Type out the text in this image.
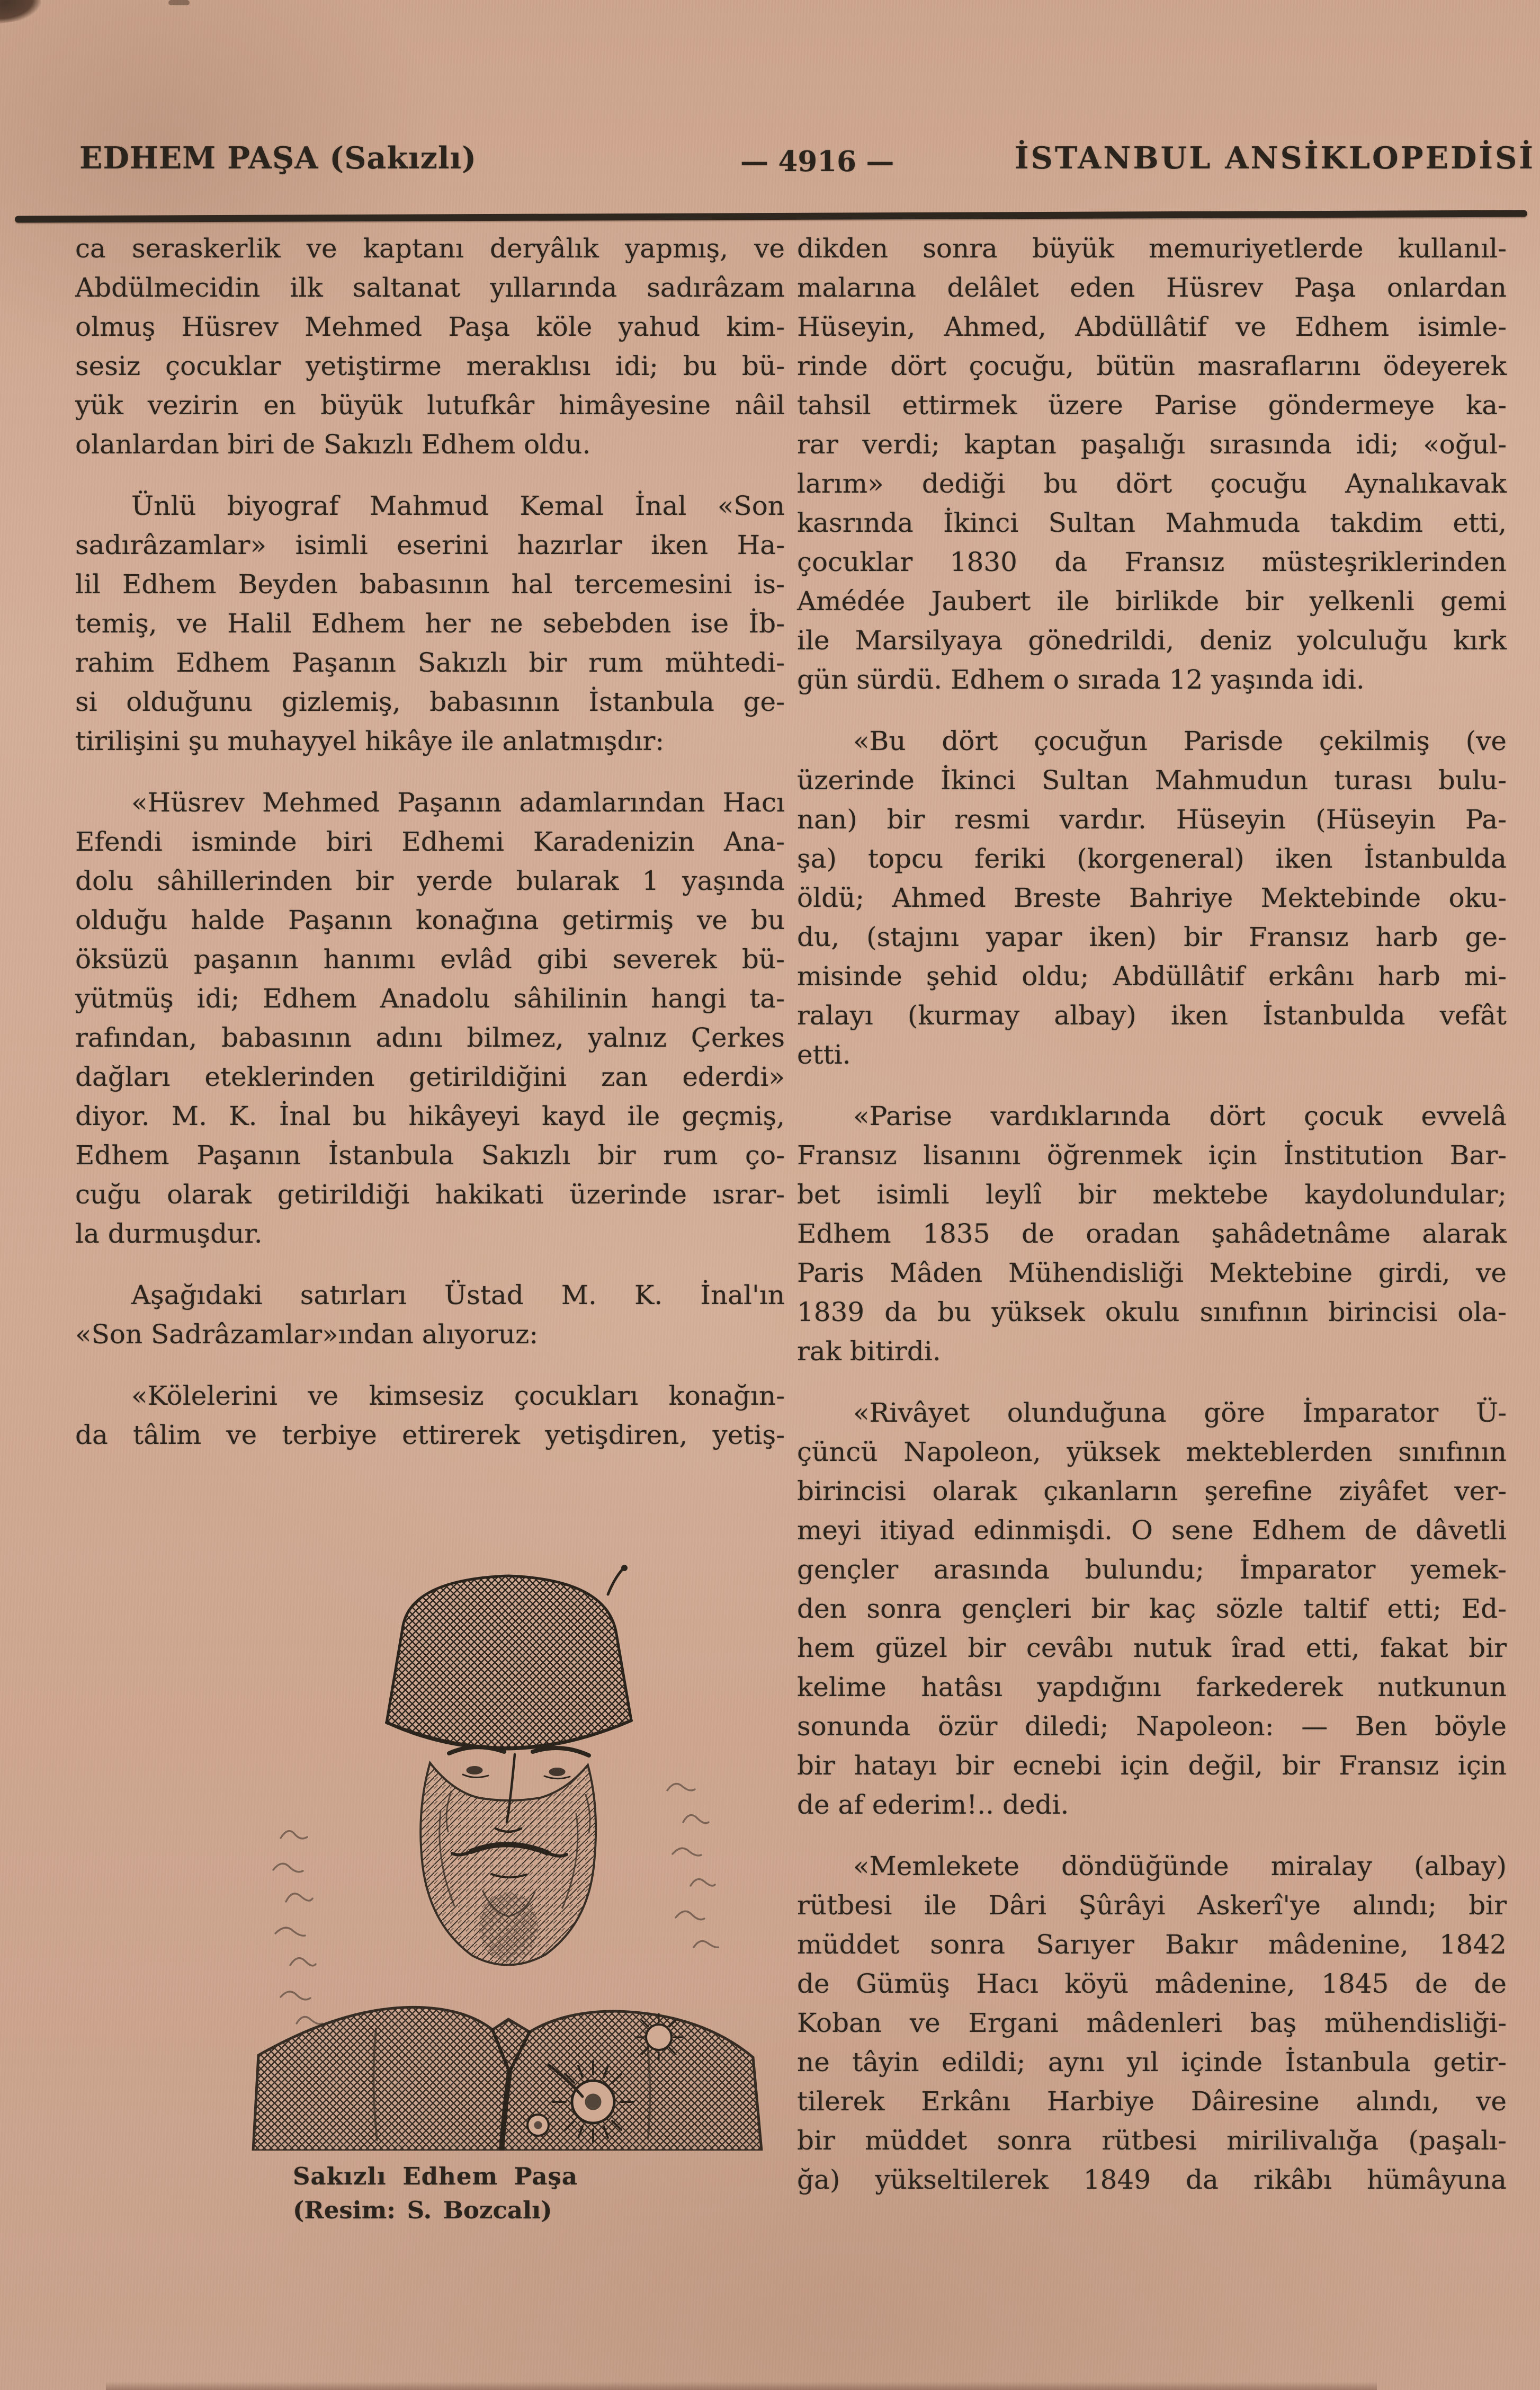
EDHEM PAŞA (Sakızlı)	— 4916 —	İSTANBUL ANSİKLOPEDİSİ
ca seraskerlik ve kaptanı deryâlık yapmış, ve
Abdülmecidin ilk saltanat yıllarında sadırâzam
olmuş Hüsrev Mehmed Paşa köle yahud kim-
sesiz çocuklar yetiştirme meraklısı idi; bu bü-
yük vezirin en büyük lutufkâr himâyesine nâil
olanlardan biri de Sakızlı Edhem oldu.
Ünlü biyograf Mahmud Kemal İnal «Son
sadırâzamlar» isimli eserini hazırlar iken Ha-
lil Edhem Beyden babasının hal tercemesini is-
temiş, ve Halil Edhem her ne sebebden ise İb-
rahim Edhem Paşanın Sakızlı bir rum mühtedi-
si olduğunu gizlemiş, babasının İstanbula ge-
tirilişini şu muhayyel hikâye ile anlatmışdır:
«Hüsrev Mehmed Paşanın adamlarından Hacı
Efendi isminde biri Edhemi Karadenizin Ana-
dolu sâhillerinden bir yerde bularak 1 yaşında
olduğu halde Paşanın konağına getirmiş ve bu
öksüzü paşanın hanımı evlâd gibi severek bü-
yütmüş idi; Edhem Anadolu sâhilinin hangi ta-
rafından, babasının adını bilmez, yalnız Çerkes
dağları eteklerinden getirildiğini zan ederdi»
diyor. M. K. İnal bu hikâyeyi kayd ile geçmiş,
Edhem Paşanın İstanbula Sakızlı bir rum ço-
cuğu olarak getirildiği hakikati üzerinde ısrar-
la durmuşdur.
Aşağıdaki satırları Üstad M. K. İnal'ın
«Son Sadrâzamlar»ından alıyoruz:
«Kölelerini ve kimsesiz çocukları konağın-
da tâlim ve terbiye ettirerek yetişdiren, yetiş-
dikden sonra büyük memuriyetlerde kullanıl-
malarına delâlet eden Hüsrev Paşa onlardan
Hüseyin, Ahmed, Abdüllâtif ve Edhem isimle-
rinde dört çocuğu, bütün masraflarını ödeyerek
tahsil ettirmek üzere Parise göndermeye ka-
rar verdi; kaptan paşalığı sırasında idi; «oğul-
larım» dediği bu dört çocuğu Aynalıkavak
kasrında İkinci Sultan Mahmuda takdim etti,
çocuklar 1830 da Fransız müsteşriklerinden
Amédée Jaubert ile birlikde bir yelkenli gemi
ile Marsilyaya gönedrildi, deniz yolculuğu kırk
gün sürdü. Edhem o sırada 12 yaşında idi.
«Bu dört çocuğun Parisde çekilmiş (ve
üzerinde İkinci Sultan Mahmudun turası bulu-
nan) bir resmi vardır. Hüseyin (Hüseyin Pa-
şa) topcu feriki (korgeneral) iken İstanbulda
öldü; Ahmed Breste Bahriye Mektebinde oku-
du, (stajını yapar iken) bir Fransız harb ge-
misinde şehid oldu; Abdüllâtif erkânı harb mi-
ralayı (kurmay albay) iken İstanbulda vefât
etti.
«Parise vardıklarında dört çocuk evvelâ
Fransız lisanını öğrenmek için İnstitution Bar-
bet isimli leylî bir mektebe kaydolundular;
Edhem 1835 de oradan şahâdetnâme alarak
Paris Mâden Mühendisliği Mektebine girdi, ve
1839 da bu yüksek okulu sınıfının birincisi ola-
rak bitirdi.
«Rivâyet olunduğuna göre İmparator Ü-
çüncü Napoleon, yüksek mekteblerden sınıfının
birincisi olarak çıkanların şerefine ziyâfet ver-
meyi itiyad edinmişdi. O sene Edhem de dâvetli
gençler arasında bulundu; İmparator yemek-
den sonra gençleri bir kaç sözle taltif etti; Ed-
hem güzel bir cevâbı nutuk îrad etti, fakat bir
kelime hatâsı yapdığını farkederek nutkunun
sonunda özür diledi; Napoleon: — Ben böyle
bir hatayı bir ecnebi için değil, bir Fransız için
de af ederim!.. dedi.
«Memlekete döndüğünde miralay (albay)
rütbesi ile Dâri Şûrâyi Askerî'ye alındı; bir
müddet sonra Sarıyer Bakır mâdenine, 1842
de Gümüş Hacı köyü mâdenine, 1845 de de
Koban ve Ergani mâdenleri baş mühendisliği-
ne tâyin edildi; aynı yıl içinde İstanbula getir-
tilerek Erkânı Harbiye Dâiresine alındı, ve
bir müddet sonra rütbesi mirilivalığa (paşalı-
ğa) yükseltilerek 1849 da rikâbı hümâyuna
Sakızlı Edhem Paşa
(Resim: S. Bozcalı)
